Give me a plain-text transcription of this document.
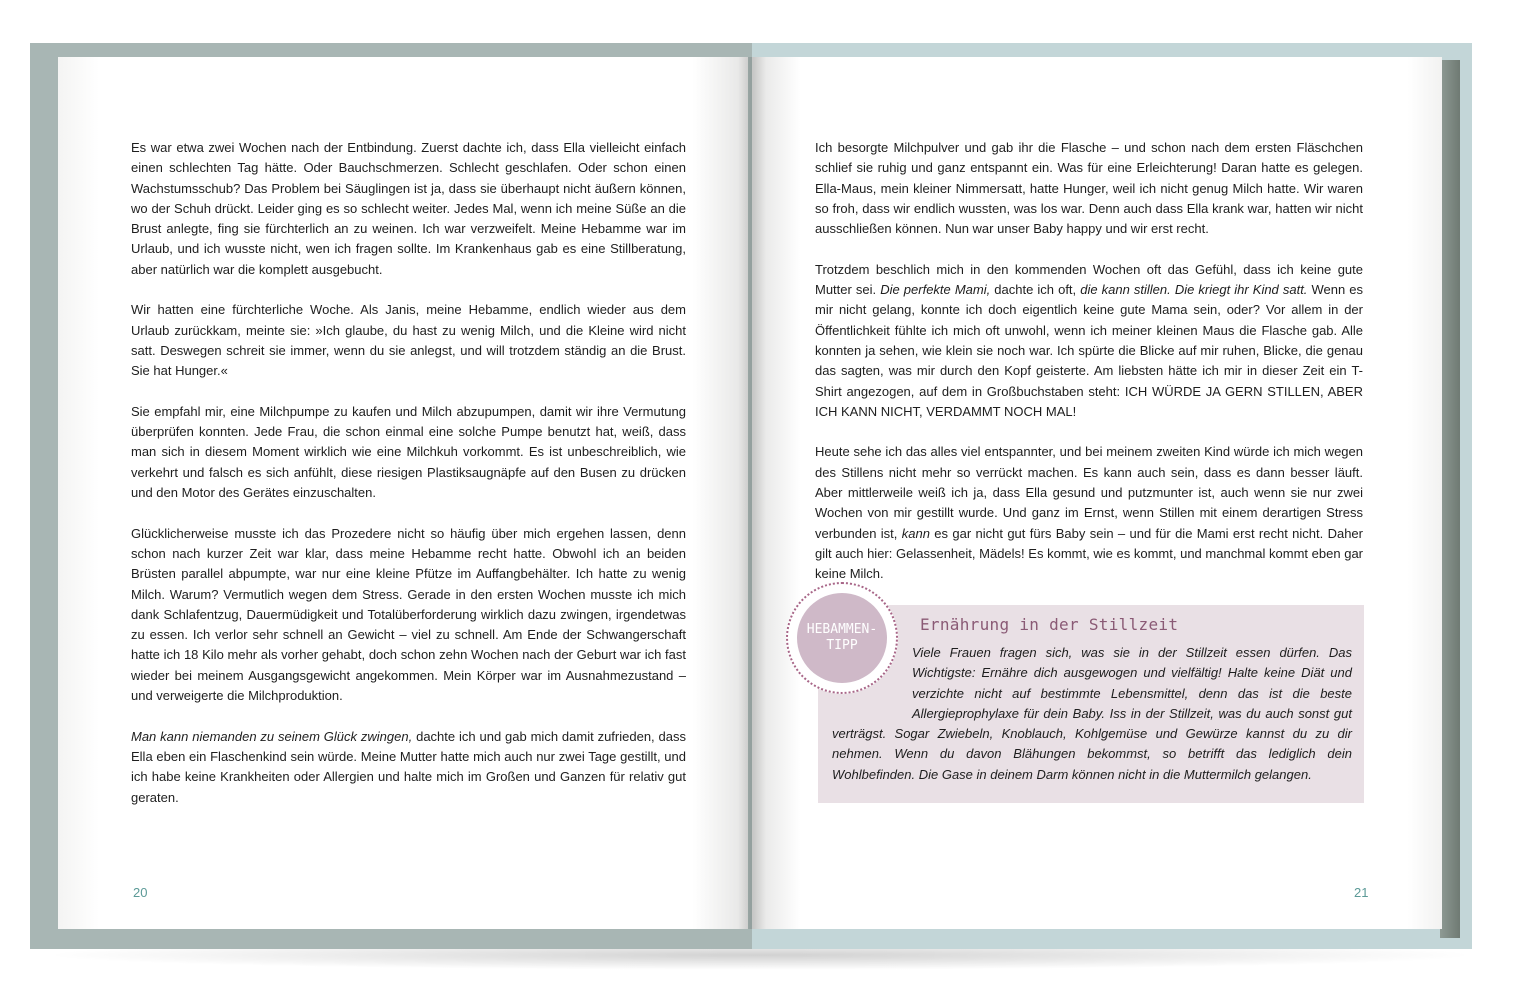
Es war etwa zwei Wochen nach der Entbindung. Zuerst dachte ich, dass Ella vielleicht einfach einen schlechten Tag hätte. Oder Bauchschmerzen. Schlecht geschlafen. Oder schon einen Wachstumsschub? Das Problem bei Säuglingen ist ja, dass sie überhaupt nicht äußern können, wo der Schuh drückt. Leider ging es so schlecht weiter. Jedes Mal, wenn ich meine Süße an die Brust anlegte, fing sie fürchterlich an zu weinen. Ich war verzweifelt. Meine Hebamme war im Urlaub, und ich wusste nicht, wen ich fragen sollte. Im Krankenhaus gab es eine Stillberatung, aber natürlich war die komplett ausgebucht.

Wir hatten eine fürchterliche Woche. Als Janis, meine Hebamme, endlich wieder aus dem Urlaub zurückkam, meinte sie: »Ich glaube, du hast zu wenig Milch, und die Kleine wird nicht satt. Deswegen schreit sie immer, wenn du sie anlegst, und will trotzdem ständig an die Brust. Sie hat Hunger.«

Sie empfahl mir, eine Milchpumpe zu kaufen und Milch abzupumpen, damit wir ihre Vermutung überprüfen konnten. Jede Frau, die schon einmal eine solche Pumpe benutzt hat, weiß, dass man sich in diesem Moment wirklich wie eine Milchkuh vorkommt. Es ist unbeschreiblich, wie verkehrt und falsch es sich anfühlt, diese riesigen Plastiksaugnäpfe auf den Busen zu drücken und den Motor des Gerätes einzuschalten.

Glücklicherweise musste ich das Prozedere nicht so häufig über mich ergehen lassen, denn schon nach kurzer Zeit war klar, dass meine Hebamme recht hatte. Obwohl ich an beiden Brüsten parallel abpumpte, war nur eine kleine Pfütze im Auffangbehälter. Ich hatte zu wenig Milch. Warum? Vermutlich wegen dem Stress. Gerade in den ersten Wochen musste ich mich dank Schlafentzug, Dauermüdigkeit und Totalüberforderung wirklich dazu zwingen, irgendetwas zu essen. Ich verlor sehr schnell an Gewicht – viel zu schnell. Am Ende der Schwangerschaft hatte ich 18 Kilo mehr als vorher gehabt, doch schon zehn Wochen nach der Geburt war ich fast wieder bei meinem Ausgangsgewicht angekommen. Mein Körper war im Ausnahmezustand – und verweigerte die Milchproduktion.

Man kann niemanden zu seinem Glück zwingen, dachte ich und gab mich damit zufrieden, dass Ella eben ein Flaschenkind sein würde. Meine Mutter hatte mich auch nur zwei Tage gestillt, und ich habe keine Krankheiten oder Allergien und halte mich im Großen und Ganzen für relativ gut geraten.

20

Ich besorgte Milchpulver und gab ihr die Flasche – und schon nach dem ersten Fläschchen schlief sie ruhig und ganz entspannt ein. Was für eine Erleichterung! Daran hatte es gelegen. Ella-Maus, mein kleiner Nimmersatt, hatte Hunger, weil ich nicht genug Milch hatte. Wir waren so froh, dass wir endlich wussten, was los war. Denn auch dass Ella krank war, hatten wir nicht ausschließen können. Nun war unser Baby happy und wir erst recht.

Trotzdem beschlich mich in den kommenden Wochen oft das Gefühl, dass ich keine gute Mutter sei. Die perfekte Mami, dachte ich oft, die kann stillen. Die kriegt ihr Kind satt. Wenn es mir nicht gelang, konnte ich doch eigentlich keine gute Mama sein, oder? Vor allem in der Öffentlichkeit fühlte ich mich oft unwohl, wenn ich meiner kleinen Maus die Flasche gab. Alle konnten ja sehen, wie klein sie noch war. Ich spürte die Blicke auf mir ruhen, Blicke, die genau das sagten, was mir durch den Kopf geisterte. Am liebsten hätte ich mir in dieser Zeit ein T-Shirt angezogen, auf dem in Großbuchstaben steht: ICH WÜRDE JA GERN STILLEN, ABER ICH KANN NICHT, VERDAMMT NOCH MAL!

Heute sehe ich das alles viel entspannter, und bei meinem zweiten Kind würde ich mich wegen des Stillens nicht mehr so verrückt machen. Es kann auch sein, dass es dann besser läuft. Aber mittlerweile weiß ich ja, dass Ella gesund und putzmunter ist, auch wenn sie nur zwei Wochen von mir gestillt wurde. Und ganz im Ernst, wenn Stillen mit einem derartigen Stress verbunden ist, kann es gar nicht gut fürs Baby sein – und für die Mami erst recht nicht. Daher gilt auch hier: Gelassenheit, Mädels! Es kommt, wie es kommt, und manchmal kommt eben gar keine Milch.

Ernährung in der Stillzeit
Viele Frauen fragen sich, was sie in der Stillzeit essen dürfen. Das Wichtigste: Ernähre dich ausgewogen und vielfältig! Halte keine Diät und verzichte nicht auf bestimmte Lebensmittel, denn das ist die beste Allergieprophylaxe für dein Baby. Iss in der Stillzeit, was du auch sonst gut verträgst. Sogar Zwiebeln, Knoblauch, Kohlgemüse und Gewürze kannst du zu dir nehmen. Wenn du davon Blähungen bekommst, so betrifft das lediglich dein Wohlbefinden. Die Gase in deinem Darm können nicht in die Muttermilch gelangen.
HEBAMMEN-
TIPP
21
